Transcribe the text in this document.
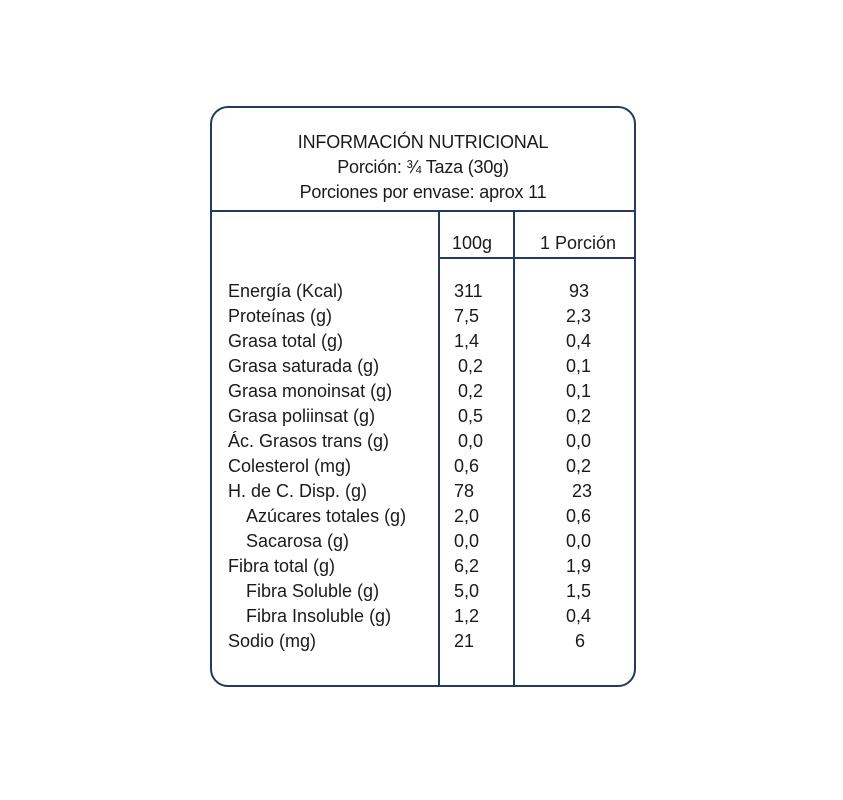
INFORMACIÓN NUTRICIONAL
Porción: ¾ Taza (30g)
Porciones por envase: aprox 11
100g	1 Porción
Energía (Kcal)	311	93
Proteínas (g)	7,5	2,3
Grasa total (g)	1,4	0,4
Grasa saturada (g)	0,2	0,1
Grasa monoinsat (g)	0,2	0,1
Grasa poliinsat (g)	0,5	0,2
Ác. Grasos trans (g)	0,0	0,0
Colesterol (mg)	0,6	0,2
H. de C. Disp. (g)	78	23
Azúcares totales (g)	2,0	0,6
Sacarosa (g)	0,0	0,0
Fibra total (g)	6,2	1,9
Fibra Soluble (g)	5,0	1,5
Fibra Insoluble (g)	1,2	0,4
Sodio (mg)	21	6
